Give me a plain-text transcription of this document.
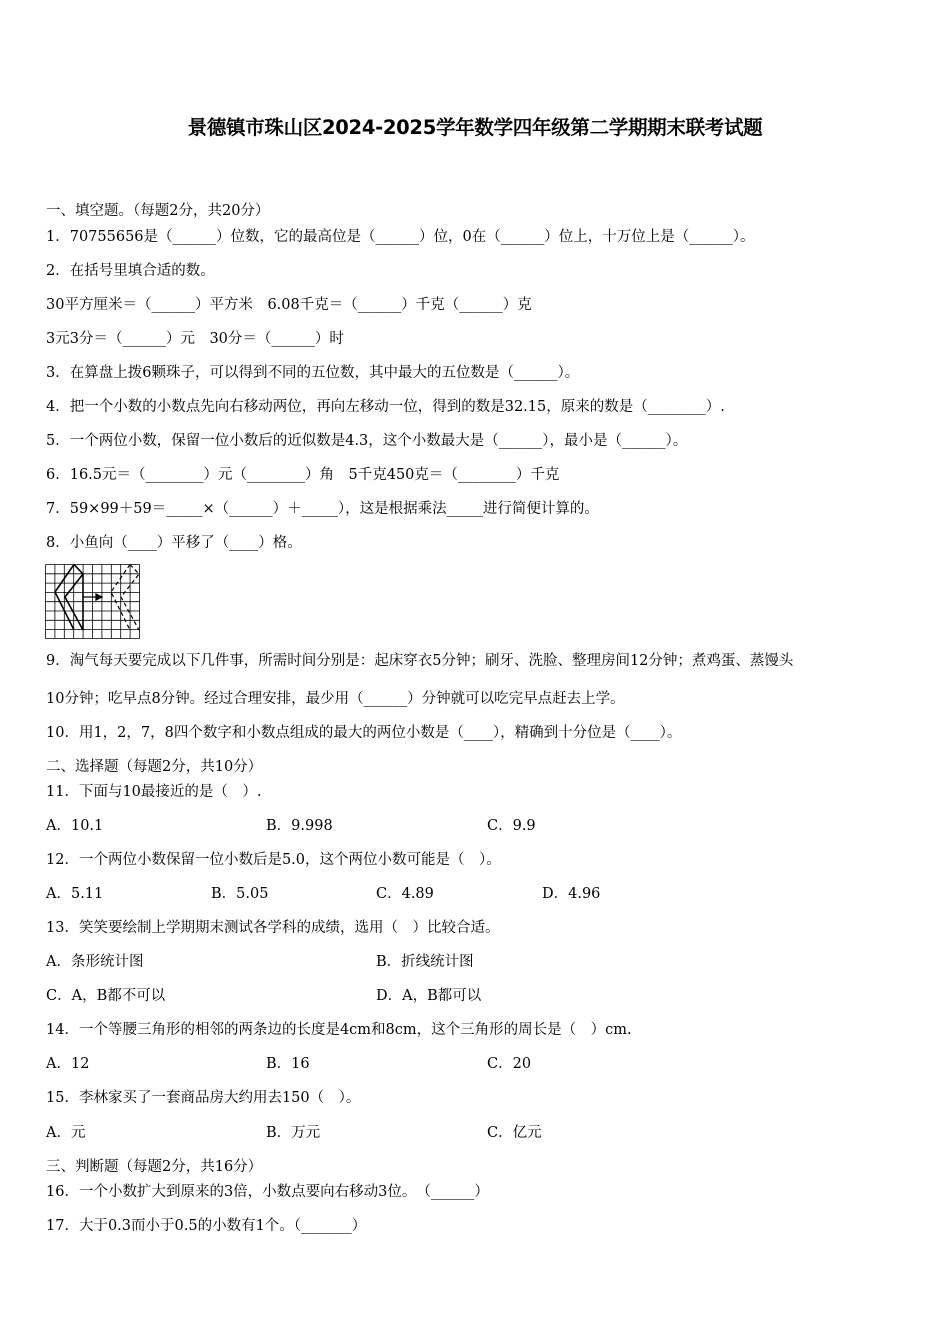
景德镇市珠山区2024-2025学年数学四年级第二学期期末联考试题
一、填空题。（每题2分，共20分）
1．70755656是（______）位数，它的最高位是（______）位，0在（______）位上，十万位上是（______）。
2．在括号里填合适的数。
30平方厘米＝（______）平方米　6.08千克＝（______）千克（______）克
3元3分＝（______）元　30分＝（______）时
3．在算盘上拨6颗珠子，可以得到不同的五位数，其中最大的五位数是（______）。
4．把一个小数的小数点先向右移动两位，再向左移动一位，得到的数是32.15，原来的数是（________）.
5．一个两位小数，保留一位小数后的近似数是4.3，这个小数最大是（______），最小是（______）。
6．16.5元＝（________）元（________）角　5千克450克＝（________）千克
7．59×99＋59＝_____×（______）＋_____），这是根据乘法_____进行简便计算的。
8．小鱼向（____）平移了（____）格。
9．淘气每天要完成以下几件事，所需时间分别是：起床穿衣5分钟；刷牙、洗脸、整理房间12分钟；煮鸡蛋、蒸馒头
10分钟；吃早点8分钟。经过合理安排，最少用（______）分钟就可以吃完早点赶去上学。
10．用1，2，7，8四个数字和小数点组成的最大的两位小数是（____），精确到十分位是（____）。
二、选择题（每题2分，共10分）
11．下面与10最接近的是（　）.
A．10.1	B．9.998	C．9.9
12．一个两位小数保留一位小数后是5.0，这个两位小数可能是（　）。
A．5.11	B．5.05	C．4.89	D．4.96
13．笑笑要绘制上学期期末测试各学科的成绩，选用（　）比较合适。
A．条形统计图	B．折线统计图
C．A，B都不可以	D．A，B都可以
14．一个等腰三角形的相邻的两条边的长度是4cm和8cm，这个三角形的周长是（　）cm.
A．12	B．16	C．20
15．李林家买了一套商品房大约用去150（　）。
A．元	B．万元	C．亿元
三、判断题（每题2分，共16分）
16．一个小数扩大到原来的3倍，小数点要向右移动3位。　（______）
17．大于0.3而小于0.5的小数有1个。（_______）
